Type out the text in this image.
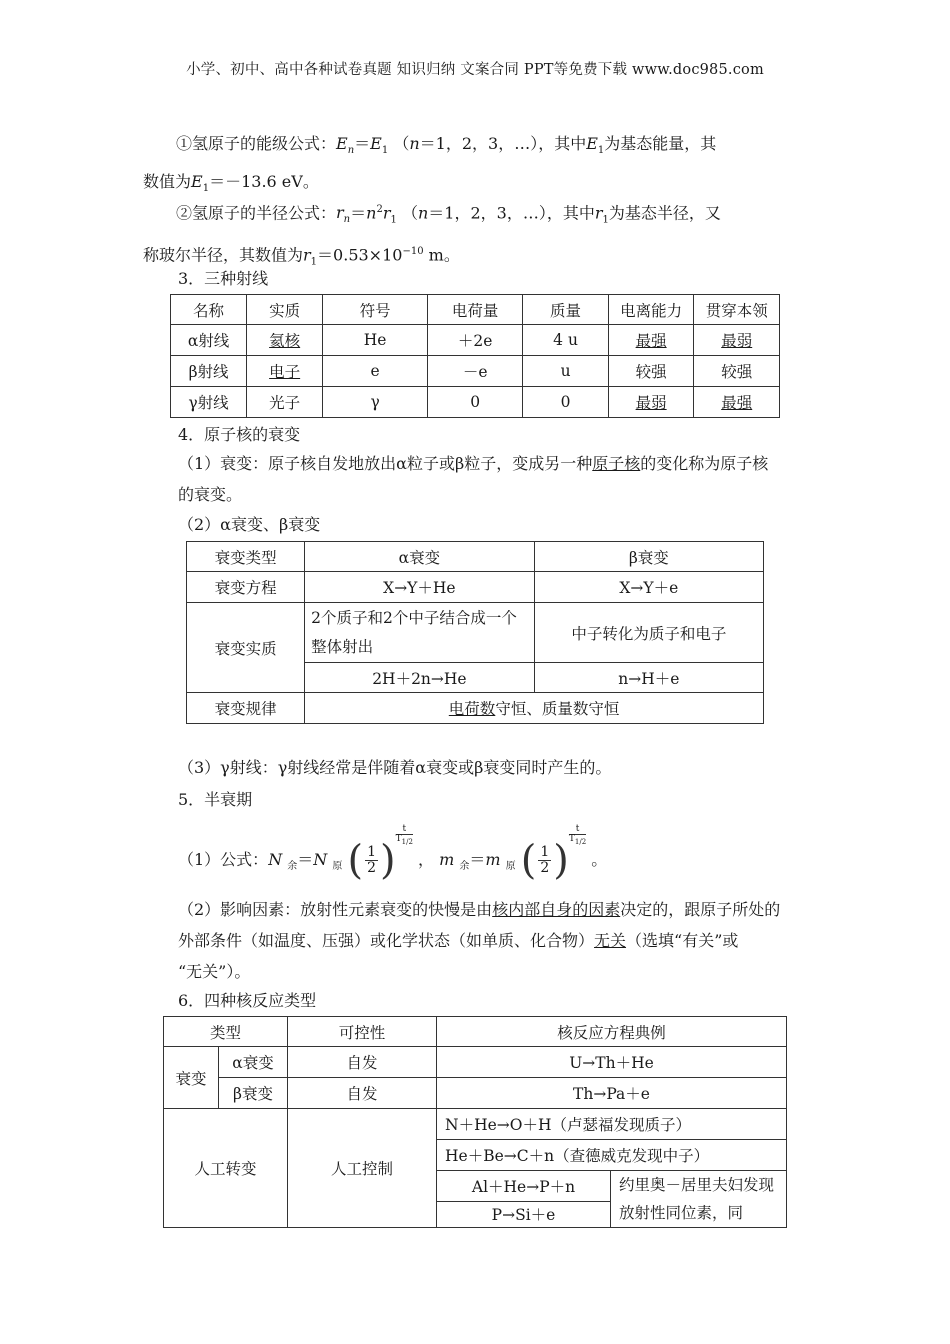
小学、初中、高中各种试卷真题 知识归纳 文案合同 PPT等免费下载 www.doc985.com
①氢原子的能级公式：$E_n=E_1$ （n＝1，2，3，…），其中$E_1$为基态能量，其
数值为$E_1=-13.6$ eV。
②氢原子的半径公式：$r_n=n^2r_1$ （n＝1，2，3，…），其中$r_1$为基态半径，又
称玻尔半径，其数值为$r_1=0.53\times 10^{-10}$ m。
3．三种射线
名称	实质	符号	电荷量	质量	电离能力	贯穿本领
α射线	氦核	He	＋2e	4 u	最强	最弱
β射线	电子	e	－e	u	较强	较强
γ射线	光子	γ	0	0	最弱	最强
4．原子核的衰变
（1）衰变：原子核自发地放出α粒子或β粒子，变成另一种原子核的变化称为原子核
的衰变。
（2）α衰变、β衰变
衰变类型	α衰变	β衰变
衰变方程	X→Y＋He	X→Y＋e
衰变实质	2个质子和2个中子结合成一个整体射出	中子转化为质子和电子
	2H＋2n→He	n→H＋e
衰变规律	电荷数守恒、质量数守恒	
（3）γ射线：γ射线经常是伴随着α衰变或β衰变同时产生的。
5．半衰期
（1）公式：N $_余$＝N $_原$ ( $\frac{1}{2}$ )
$\frac{t}{T_{1/2}}$
， m $_余$＝m $_原$ ( $\frac{1}{2}$ )
$\frac{t}{T_{1/2}}$
。
（2）影响因素：放射性元素衰变的快慢是由核内部自身的因素决定的，跟原子所处的
外部条件（如温度、压强）或化学状态（如单质、化合物）无关（选填“有关”或
“无关”）。
6．四种核反应类型
类型		可控性	核反应方程典例	
衰变	α衰变	自发	U→Th＋He	
	β衰变	自发	Th→Pa＋e	
人工转变		人工控制	N＋He→O＋H（卢瑟福发现质子）	
			He＋Be→C＋n（查德威克发现中子）	
			Al＋He→P＋n	约里奥－居里夫妇发现放射性同位素，同
			P→Si＋e	
